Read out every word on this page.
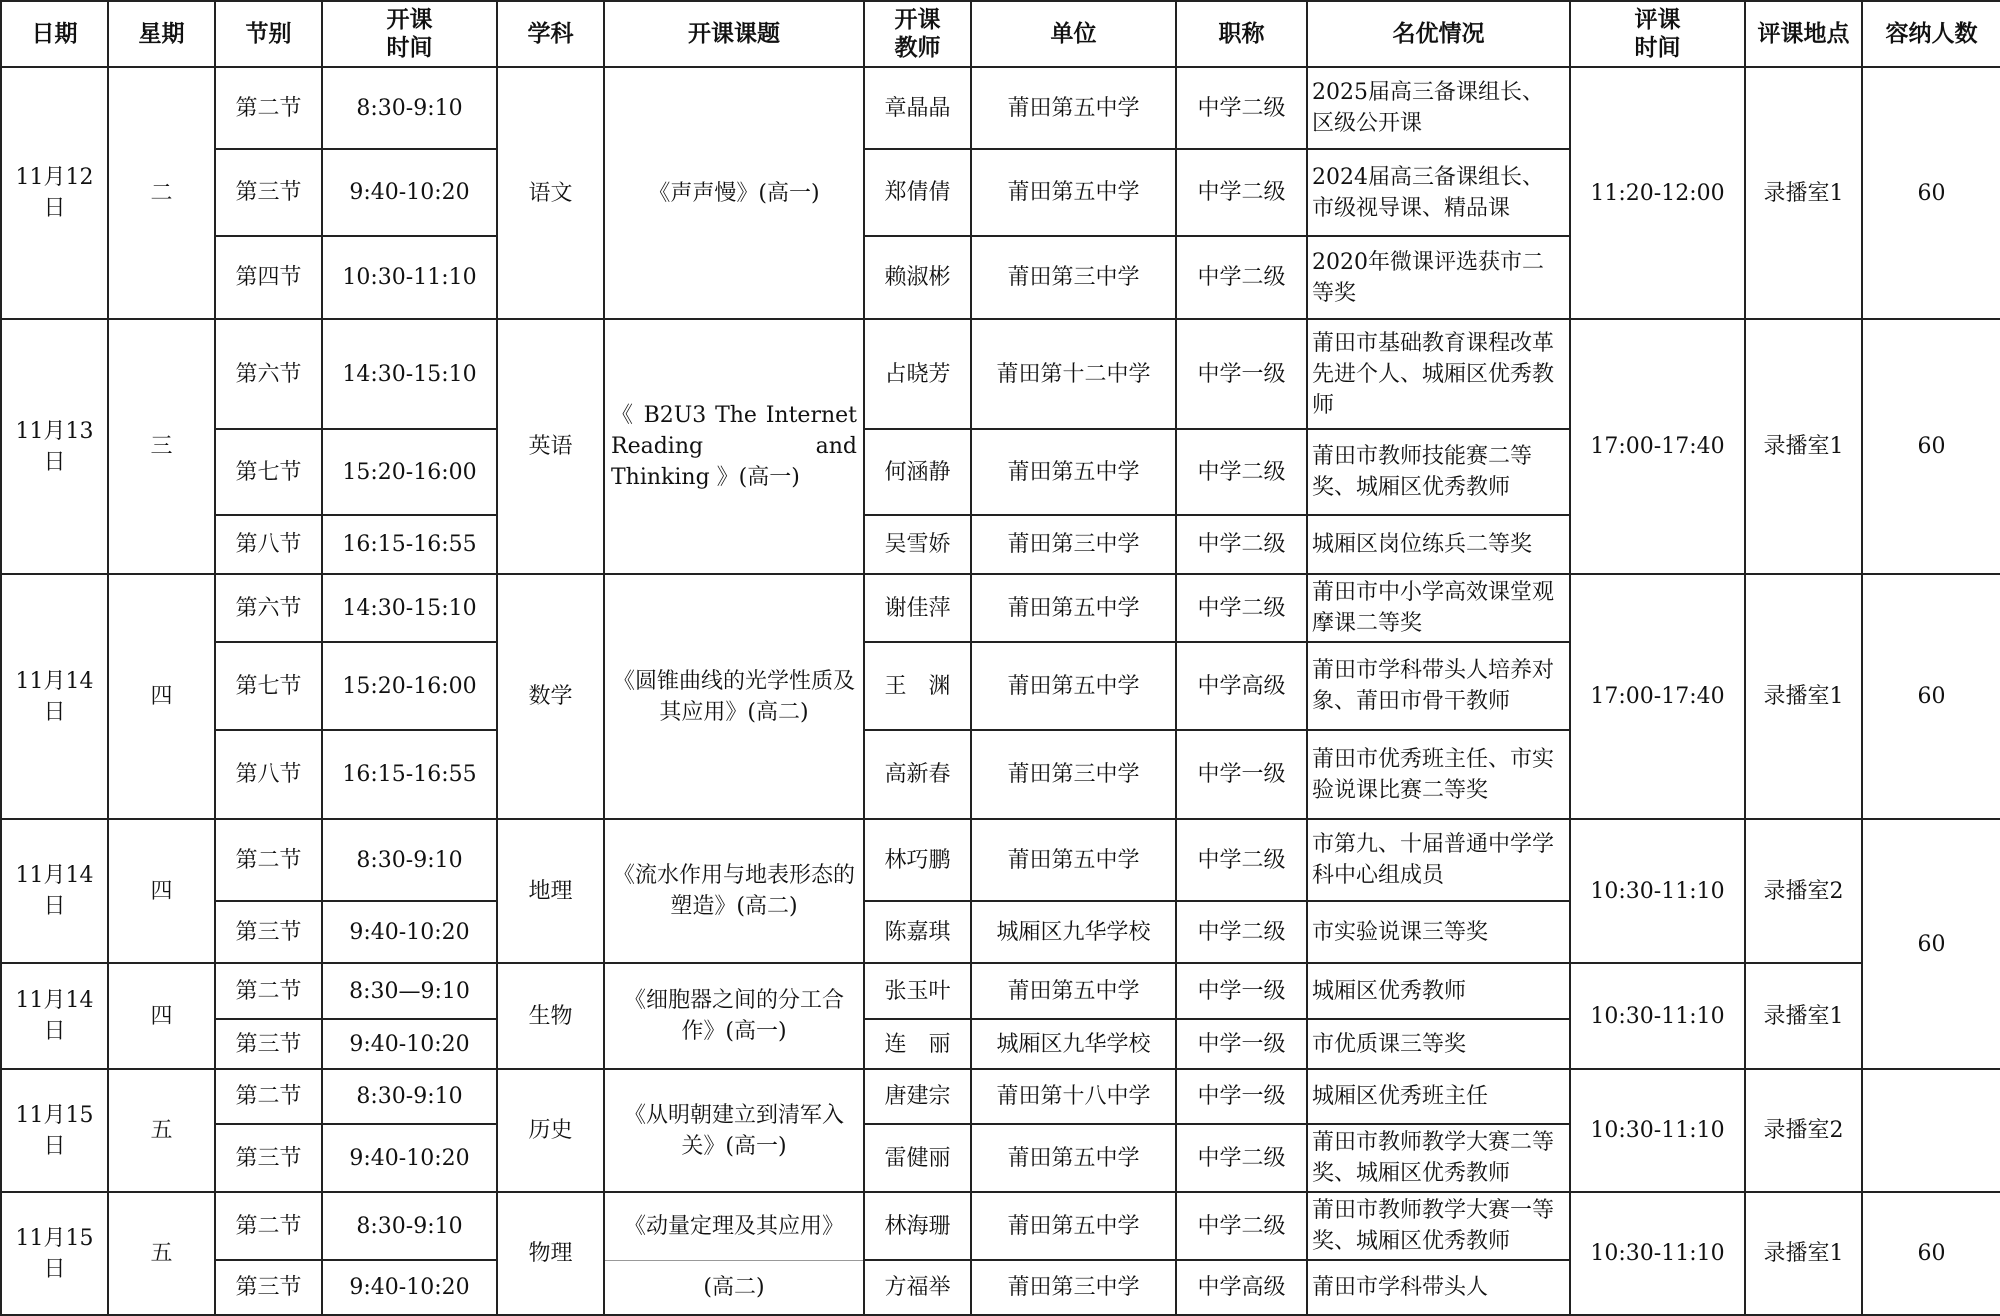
日期	星期	节别	开课
时间	学科	开课课题	开课
教师	单位	职称	名优情况	评课
时间	评课地点	容纳人数
11月12日	二	第二节	8:30-9:10	语文	《声声慢》(高一)	章晶晶	莆田第五中学	中学二级	2025届高三备课组长、区级公开课	11:20-12:00	录播室1	60
		第三节	9:40-10:20			郑倩倩	莆田第五中学	中学二级	2024届高三备课组长、市级视导课、精品课			
		第四节	10:30-11:10			赖淑彬	莆田第三中学	中学二级	2020年微课评选获市二等奖			
11月13日	三	第六节	14:30-15:10	英语	《 B2U3 The Internet Reading and Thinking 》(高一)	占晓芳	莆田第十二中学	中学一级	莆田市基础教育课程改革先进个人、城厢区优秀教师	17:00-17:40	录播室1	60
		第七节	15:20-16:00			何涵静	莆田第五中学	中学二级	莆田市教师技能赛二等奖、城厢区优秀教师			
		第八节	16:15-16:55			吴雪娇	莆田第三中学	中学二级	城厢区岗位练兵二等奖			
11月14日	四	第六节	14:30-15:10	数学	《圆锥曲线的光学性质及其应用》(高二)	谢佳萍	莆田第五中学	中学二级	莆田市中小学高效课堂观摩课二等奖	17:00-17:40	录播室1	60
		第七节	15:20-16:00			王　渊	莆田第五中学	中学高级	莆田市学科带头人培养对象、莆田市骨干教师			
		第八节	16:15-16:55			高新春	莆田第三中学	中学一级	莆田市优秀班主任、市实验说课比赛二等奖			
11月14日	四	第二节	8:30-9:10	地理	《流水作用与地表形态的塑造》(高二)	林巧鹏	莆田第五中学	中学二级	市第九、十届普通中学学科中心组成员	10:30-11:10	录播室2	60
		第三节	9:40-10:20			陈嘉琪	城厢区九华学校	中学二级	市实验说课三等奖			
11月14日	四	第二节	8:30—9:10	生物	《细胞器之间的分工合作》(高一)	张玉叶	莆田第五中学	中学一级	城厢区优秀教师	10:30-11:10	录播室1	
		第三节	9:40-10:20			连　丽	城厢区九华学校	中学一级	市优质课三等奖			
11月15日	五	第二节	8:30-9:10	历史	《从明朝建立到清军入关》(高一)	唐建宗	莆田第十八中学	中学一级	城厢区优秀班主任	10:30-11:10	录播室2	
		第三节	9:40-10:20			雷健丽	莆田第五中学	中学二级	莆田市教师教学大赛二等奖、城厢区优秀教师			
11月15日	五	第二节	8:30-9:10	物理	《动量定理及其应用》	林海珊	莆田第五中学	中学二级	莆田市教师教学大赛一等奖、城厢区优秀教师	10:30-11:10	录播室1	60
		第三节	9:40-10:20		(高二)	方福举	莆田第三中学	中学高级	莆田市学科带头人			
